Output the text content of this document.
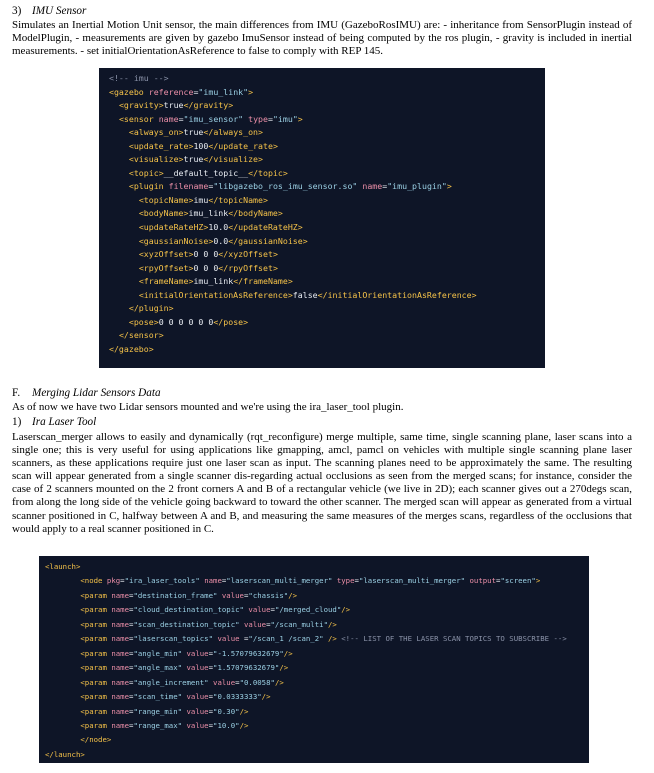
3) IMU Sensor

Simulates an Inertial Motion Unit sensor, the main differences from IMU (GazeboRosIMU) are: - inheritance from SensorPlugin instead of ModelPlugin, - measurements are given by gazebo ImuSensor instead of being computed by the ros plugin, - gravity is included in inertial measurements. - set initialOrientationAsReference to false to comply with REP 145.

<!-- imu -->
<gazebo reference="imu_link">
<gravity>true</gravity>
<sensor name="imu_sensor" type="imu">
<always_on>true</always_on>
<update_rate>100</update_rate>
<visualize>true</visualize>
<topic>__default_topic__</topic>
<plugin filename="libgazebo_ros_imu_sensor.so" name="imu_plugin">
<topicName>imu</topicName>
<bodyName>imu_link</bodyName>
<updateRateHZ>10.0</updateRateHZ>
<gaussianNoise>0.0</gaussianNoise>
<xyzOffset>0 0 0</xyzOffset>
<rpyOffset>0 0 0</rpyOffset>
<frameName>imu_link</frameName>
<initialOrientationAsReference>false</initialOrientationAsReference>
</plugin>
<pose>0 0 0 0 0 0</pose>
</sensor>
</gazebo>
F. Merging Lidar Sensors Data

As of now we have two Lidar sensors mounted and we're using the ira_laser_tool plugin.

1) Ira Laser Tool

Laserscan_merger allows to easily and dynamically (rqt_reconfigure) merge multiple, same time, single scanning plane, laser scans into a single one; this is very useful for using applications like gmapping, amcl, pamcl on vehicles with multiple single scanning plane laser scanners, as these applications require just one laser scan as input. The scanning planes need to be approximately the same. The resulting scan will appear generated from a single scanner dis-regarding actual occlusions as seen from the merged scans; for instance, consider the case of 2 scanners mounted on the 2 front corners A and B of a rectangular vehicle (we live in 2D); each scanner gives out a 270degs scan, from along the long side of the vehicle going backward to toward the other scanner. The merged scan will appear as generated from a virtual scanner positioned in C, halfway between A and B, and measuring the same measures of the merges scans, regardless of the occlusions that would apply to a real scanner positioned in C.

<launch>
<node pkg="ira_laser_tools" name="laserscan_multi_merger" type="laserscan_multi_merger" output="screen">
<param name="destination_frame" value="chassis"/>
<param name="cloud_destination_topic" value="/merged_cloud"/>
<param name="scan_destination_topic" value="/scan_multi"/>
<param name="laserscan_topics" value ="/scan_1 /scan_2" /> <!-- LIST OF THE LASER SCAN TOPICS TO SUBSCRIBE -->
<param name="angle_min" value="-1.57079632679"/>
<param name="angle_max" value="1.57079632679"/>
<param name="angle_increment" value="0.0058"/>
<param name="scan_time" value="0.0333333"/>
<param name="range_min" value="0.30"/>
<param name="range_max" value="10.0"/>
</node>
</launch>
